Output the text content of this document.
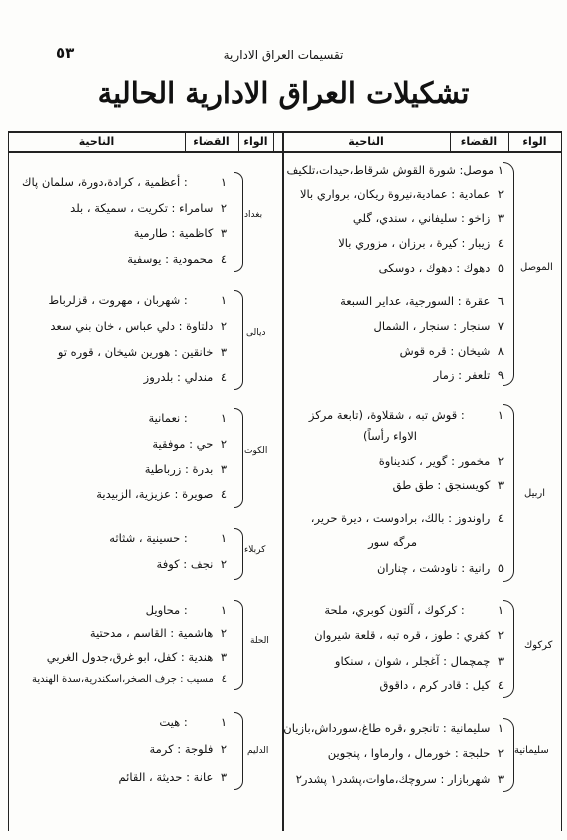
٥٣	تقسيمات العراق الادارية
تشكيلات العراق الادارية الحالية
الواء
القضاء
الناحية
الواء
القضاء
الناحية
الموصل
١موصل: شورة القوش شرقاط،حيدات،تلكيف
٢ عمادية : عمادية،نيروة ريكان، برواري بالا
٣ زاخو : سليفاني ، سندي، گلي
٤ زيبار : كيرة ، برزان ، مزوري بالا
٥ دهوك : دهوك ، دوسكى
٦ عقرة : السورجية، عداير السبعة
٧ سنجار : سنجار ، الشمال
٨ شيخان : قره قوش
٩ تلعفر : زمار
اربيل
١        : قوش تبه ، شقلاوة، (تابعة مركز
الاواء رأساً)
٢ مخمور : گوير ، كنديناوة
٣ كويسنجق : طق طق
٤ راوندوز : بالك، برادوست ، ديرة حرير،
مرگه سور
٥ رانية : ناودشت ، چناران
كركوك
١        : كركوك ، آلتون كوبري، ملحة
٢ كفري : طوز ، قره تبه ، قلعة شيروان
٣ چمچمال : آغجلر ، شوان ، سنكاو
٤ كيل : قادر كرم ، داقوق
سليمانية
١ سليمانية : تانجرو ،قره طاغ،سورداش،بازيان
٢ حلبجة : خورمال ، وارماوا ، پنجوين
٣ شهربازار : سروچك،ماوات،پشدر١ پشدر٢
بغداد
١        : أعظمية ، كرادة،دورة، سلمان پاك
٢ سامراء : تكريت ، سميكة ، بلد
٣ كاظمية : طارمية
٤ محمودية : يوسفية
ديالى
١        : شهربان ، مهروت ، قزلرباط
٢ دلتاوة : دلي عباس ، خان بني سعد
٣ خانقين : هورين شيخان ، قوره تو
٤ مندلي : بلدروز
الكوت
١        : نعمانية
٢ حي : موفقية
٣ بدرة : زرباطية
٤ صويرة : عزيزية، الزبيدية
كربلاء
١        : حسينية ، شثاثه
٢ نجف : كوفة
الحلة
١        : محاويل
٢ هاشمية : القاسم ، مدحتية
٣ هندية : كفل، ابو غرق،جدول الغربي
٤ مسيب : جرف الصخر،اسكندرية،سدة الهندية
الدليم
١        : هيت
٢ فلوجة : كرمة
٣ عانة : حديثة ، القائم
